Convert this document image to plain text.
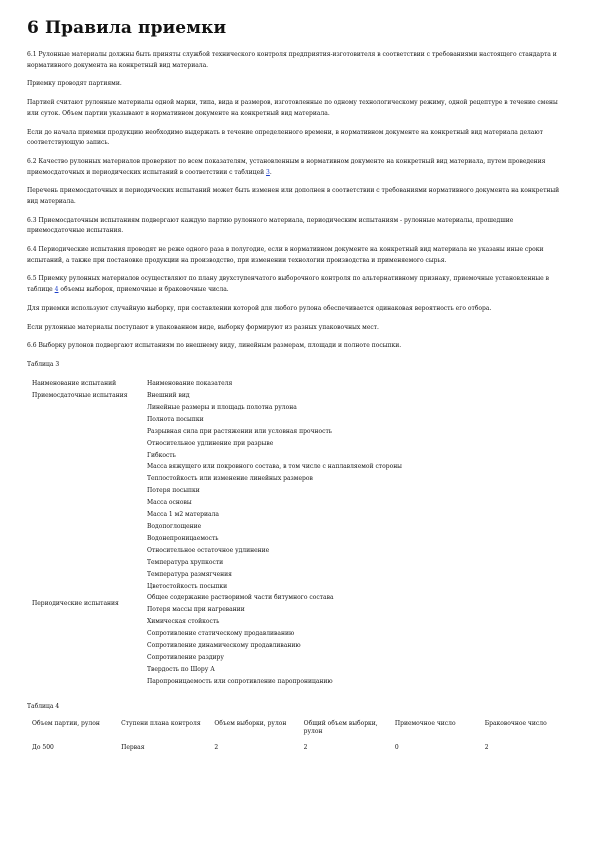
6 Правила приемки

6.1 Рулонные материалы должны быть приняты службой технического контроля предприятия-изготовителя в соответствии с требованиями настоящего стандарта и нормативного документа на конкретный вид материала.

Приемку проводят партиями.

Партией считают рулонные материалы одной марки, типа, вида и размеров, изготовленные по одному технологическому режиму, одной рецептуре в течение смены или суток. Объем партии указывают в нормативном документе на конкретный вид материала.

Если до начала приемки продукцию необходимо выдержать в течение определенного времени, в нормативном документе на конкретный вид материала делают соответствующую запись.

6.2 Качество рулонных материалов проверяют по всем показателям, установленным в нормативном документе на конкретный вид материала, путем проведения приемосдаточных и периодических испытаний в соответствии с таблицей 3.

Перечень приемосдаточных и периодических испытаний может быть изменен или дополнен в соответствии с требованиями нормативного документа на конкретный вид материала.

6.3 Приемосдаточным испытаниям подвергают каждую партию рулонного материала, периодическим испытаниям - рулонные материалы, прошедшие приемосдаточные испытания.

6.4 Периодические испытания проводят не реже одного раза в полугодие, если в нормативном документе на конкретный вид материала не указаны иные сроки испытаний, а также при постановке продукции на производство, при изменении технологии производства и применяемого сырья.

6.5 Приемку рулонных материалов осуществляют по плану двухступенчатого выборочного контроля по альтернативному признаку, приемочные установленные в таблице 4 объемы выборок, приемочные и браковочные числа.

Для приемки используют случайную выборку, при составлении которой для любого рулона обеспечивается одинаковая вероятность его отбора.

Если рулонные материалы поступают в упакованном виде, выборку формируют из разных упаковочных мест.

6.6 Выборку рулонов подвергают испытаниям по внешнему виду, линейным размерам, площади и полноте посыпки.

Таблица 3
Наименование испытаний	Наименование показателя
Приемосдаточные испытания	Внешний вид
	Линейные размеры и площадь полотна рулона
	Полнота посыпки
	Разрывная сила при растяжении или условная прочность
	Относительное удлинение при разрыве
	Гибкость
	Масса вяжущего или покровного состава, в том числе с наплавляемой стороны
	Теплостойкость или изменение линейных размеров
	Потеря посыпки
	Масса основы
	Масса 1 м2 материала
Периодические испытания	Водопоглощение
	Водонепроницаемость
	Относительное остаточное удлинение
	Температура хрупкости
	Температура размягчения
	Цветостойкость посыпки
	Общее содержание растворимой части битумного состава
	Потеря массы при нагревании
	Химическая стойкость
	Сопротивление статическому продавливанию
	Сопротивление динамическому продавливанию
	Сопротивление раздиру
	Твердость по Шору А
	Паропроницаемость или сопротивление паропроницанию
Таблица 4
Объем партии, рулон	Ступени плана контроля	Объем выборки, рулон	Общий объем выборки, рулон	Приемочное число	Браковочное число
До 500	Первая	2	2	0	2
